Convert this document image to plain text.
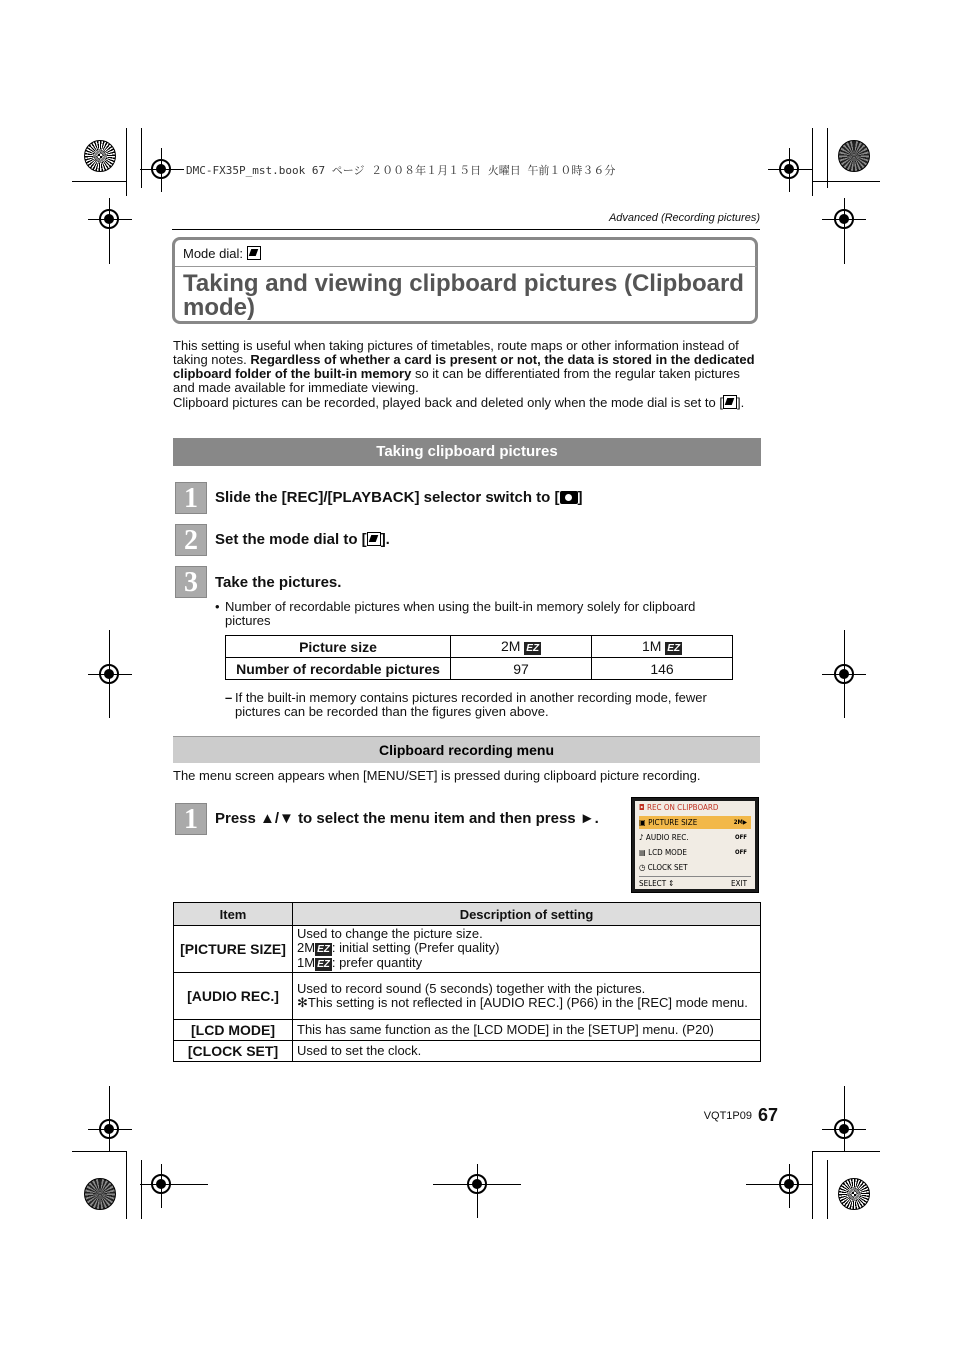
DMC-FX35P_mst.book 67 ページ ２００８年１月１５日 火曜日 午前１０時３６分
Advanced (Recording pictures)
Mode dial:
Taking and viewing clipboard pictures (Clipboard mode)
This setting is useful when taking pictures of timetables, route maps or other information instead of taking notes. Regardless of whether a card is present or not, the data is stored in the dedicated clipboard folder of the built-in memory so it can be differentiated from the regular taken pictures and made available for immediate viewing.
Clipboard pictures can be recorded, played back and deleted only when the mode dial is set to [ ].
Taking clipboard pictures
1	Slide the [REC]/[PLAYBACK] selector switch to [ ]
2	Set the mode dial to [ ].
3	Take the pictures.
• Number of recordable pictures when using the built-in memory solely for clipboard pictures
Picture size	2M EZ	1M EZ
Number of recordable pictures	97	146
– If the built-in memory contains pictures recorded in another recording mode, fewer pictures can be recorded than the figures given above.
Clipboard recording menu
The menu screen appears when [MENU/SET] is pressed during clipboard picture recording.
1	Press ▲/▼ to select the menu item and then press ►.
◘ REC ON CLIPBOARD
▣ PICTURE SIZE	2M▶
♪ AUDIO REC.	OFF
▤ LCD MODE	OFF
◷ CLOCK SET
SELECT ⇕	EXIT
Item	Description of setting
[PICTURE SIZE]	Used to change the picture size.
2M EZ : initial setting (Prefer quality)
1M EZ : prefer quantity
[AUDIO REC.]	Used to record sound (5 seconds) together with the pictures.
✻This setting is not reflected in [AUDIO REC.] (P66) in the [REC] mode menu.
[LCD MODE]	This has same function as the [LCD MODE] in the [SETUP] menu. (P20)
[CLOCK SET]	Used to set the clock.
VQT1P09 67
